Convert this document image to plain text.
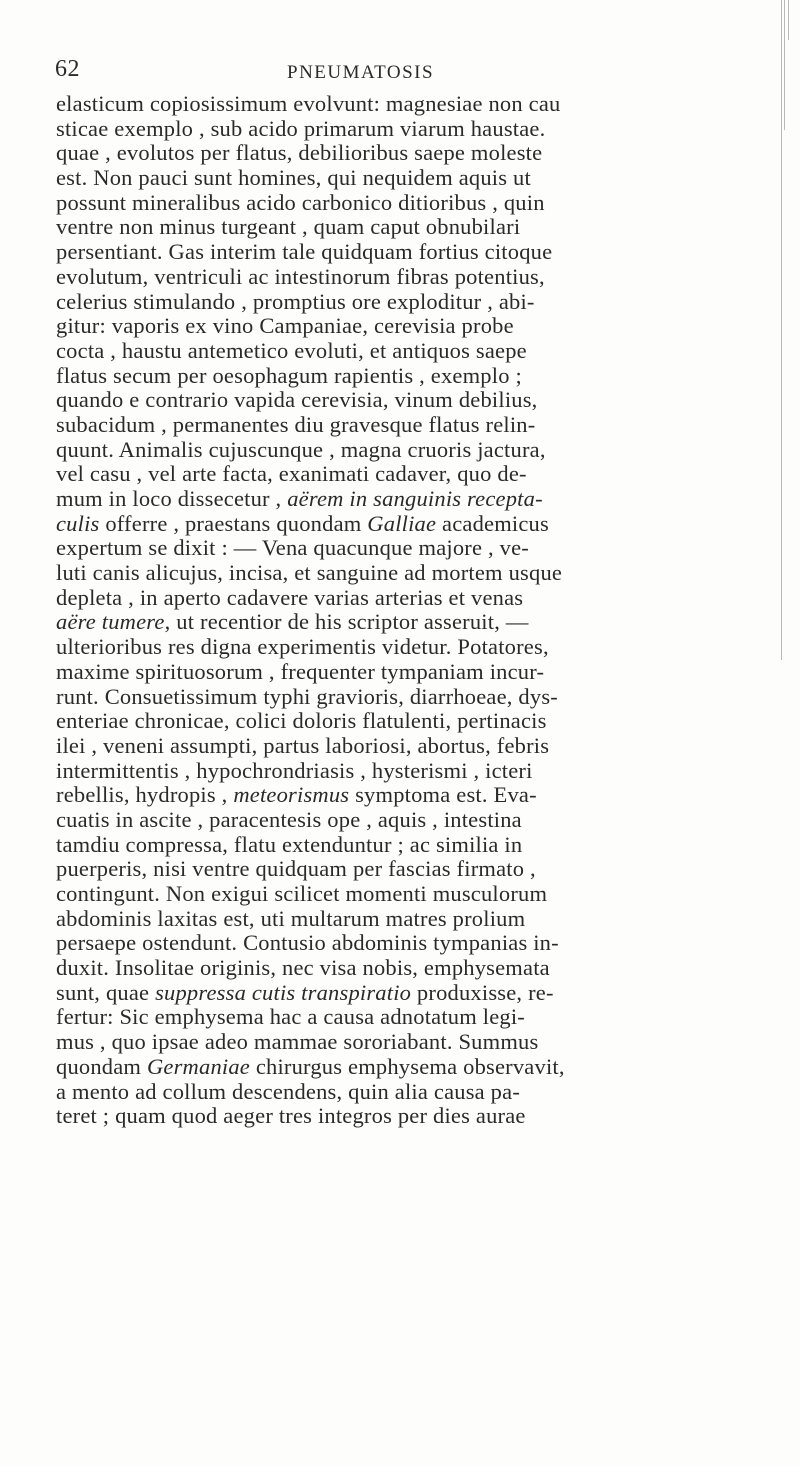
62	PNEUMATOSIS
elasticum copiosissimum evolvunt: magnesiae non cau
sticae exemplo , sub acido primarum viarum haustae.
quae , evolutos per flatus, debilioribus saepe moleste
est. Non pauci sunt homines, qui nequidem aquis ut
possunt mineralibus acido carbonico ditioribus , quin
ventre non minus turgeant , quam caput obnubilari
persentiant. Gas interim tale quidquam fortius citoque
evolutum, ventriculi ac intestinorum fibras potentius,
celerius stimulando , promptius ore exploditur , abi-
gitur: vaporis ex vino Campaniae, cerevisia probe
cocta , haustu antemetico evoluti, et antiquos saepe
flatus secum per oesophagum rapientis , exemplo ;
quando e contrario vapida cerevisia, vinum debilius,
subacidum , permanentes diu gravesque flatus relin-
quunt. Animalis cujuscunque , magna cruoris jactura,
vel casu , vel arte facta, exanimati cadaver, quo de-
mum in loco dissecetur , aërem in sanguinis recepta-
culis offerre , praestans quondam Galliae academicus
expertum se dixit : — Vena quacunque majore , ve-
luti canis alicujus, incisa, et sanguine ad mortem usque
depleta , in aperto cadavere varias arterias et venas
aëre tumere, ut recentior de his scriptor asseruit, —
ulterioribus res digna experimentis videtur. Potatores,
maxime spirituosorum , frequenter tympaniam incur-
runt. Consuetissimum typhi gravioris, diarrhoeae, dys-
enteriae chronicae, colici doloris flatulenti, pertinacis
ilei , veneni assumpti, partus laboriosi, abortus, febris
intermittentis , hypochrondriasis , hysterismi , icteri
rebellis, hydropis , meteorismus symptoma est. Eva-
cuatis in ascite , paracentesis ope , aquis , intestina
tamdiu compressa, flatu extenduntur ; ac similia in
puerperis, nisi ventre quidquam per fascias firmato ,
contingunt. Non exigui scilicet momenti musculorum
abdominis laxitas est, uti multarum matres prolium
persaepe ostendunt. Contusio abdominis tympanias in-
duxit. Insolitae originis, nec visa nobis, emphysemata
sunt, quae suppressa cutis transpiratio produxisse, re-
fertur: Sic emphysema hac a causa adnotatum legi-
mus , quo ipsae adeo mammae sororiabant. Summus
quondam Germaniae chirurgus emphysema observavit,
a mento ad collum descendens, quin alia causa pa-
teret ; quam quod aeger tres integros per dies aurae
